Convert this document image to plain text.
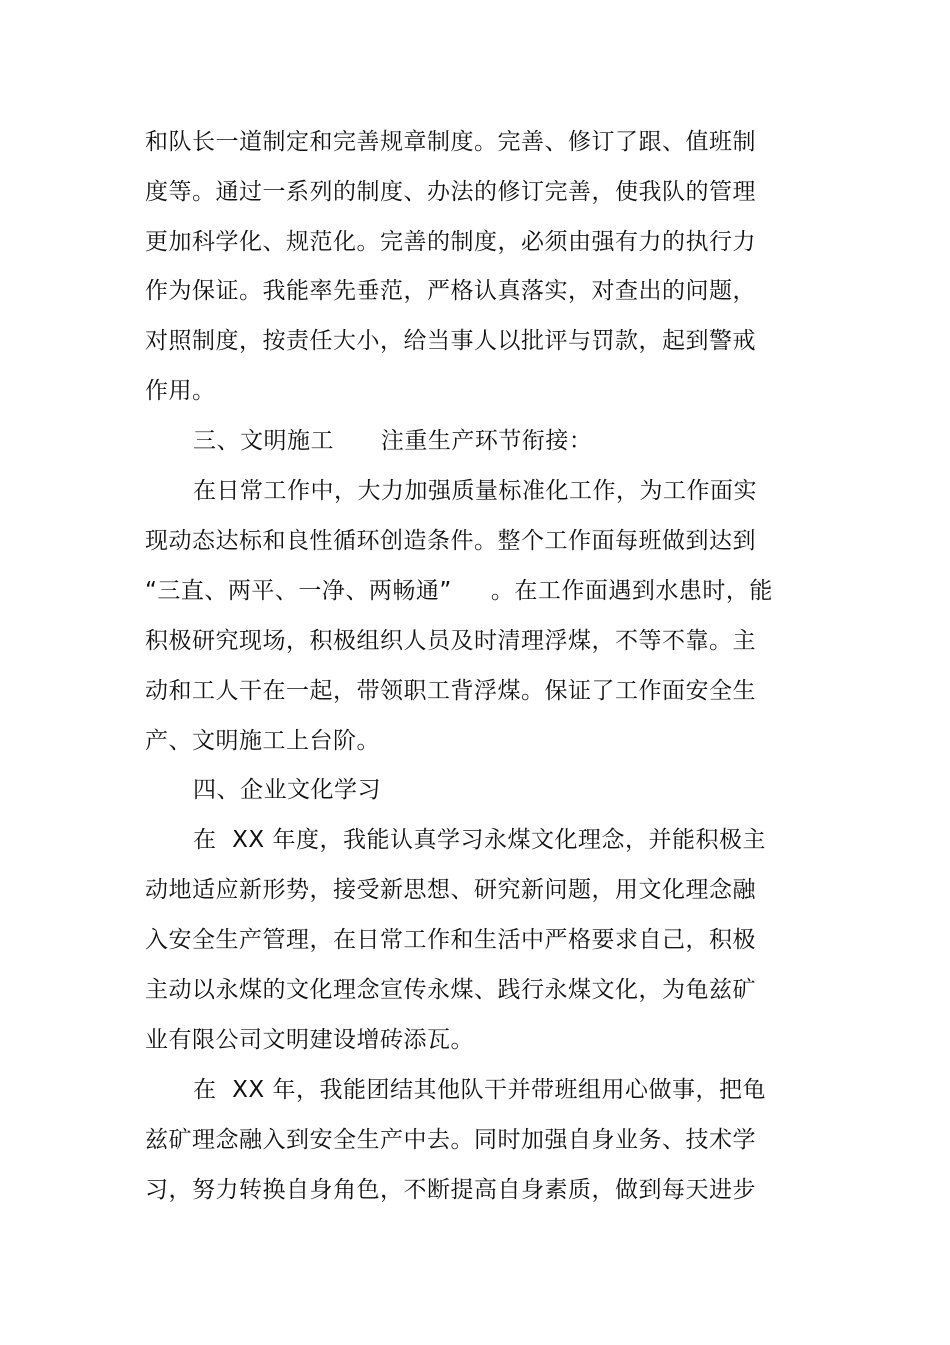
和队长一道制定和完善规章制度。完善、修订了跟、值班制
度等。通过一系列的制度、办法的修订完善，使我队的管理
更加科学化、规范化。完善的制度，必须由强有力的执行力
作为保证。我能率先垂范，严格认真落实，对查出的问题，
对照制度，按责任大小，给当事人以批评与罚款，起到警戒
作用。
三、文明施工      注重生产环节衔接：
在日常工作中，大力加强质量标准化工作，为工作面实
现动态达标和良性循环创造条件。整个工作面每班做到达到
“三直、两平、一净、两畅通”     。在工作面遇到水患时，能
积极研究现场，积极组织人员及时清理浮煤，不等不靠。主
动和工人干在一起，带领职工背浮煤。保证了工作面安全生
产、文明施工上台阶。
四、企业文化学习
在  XX 年度，我能认真学习永煤文化理念，并能积极主
动地适应新形势，接受新思想、研究新问题，用文化理念融
入安全生产管理，在日常工作和生活中严格要求自己，积极
主动以永煤的文化理念宣传永煤、践行永煤文化，为龟兹矿
业有限公司文明建设增砖添瓦。
在  XX 年，我能团结其他队干并带班组用心做事，把龟
兹矿理念融入到安全生产中去。同时加强自身业务、技术学
习，努力转换自身角色，不断提高自身素质，做到每天进步
